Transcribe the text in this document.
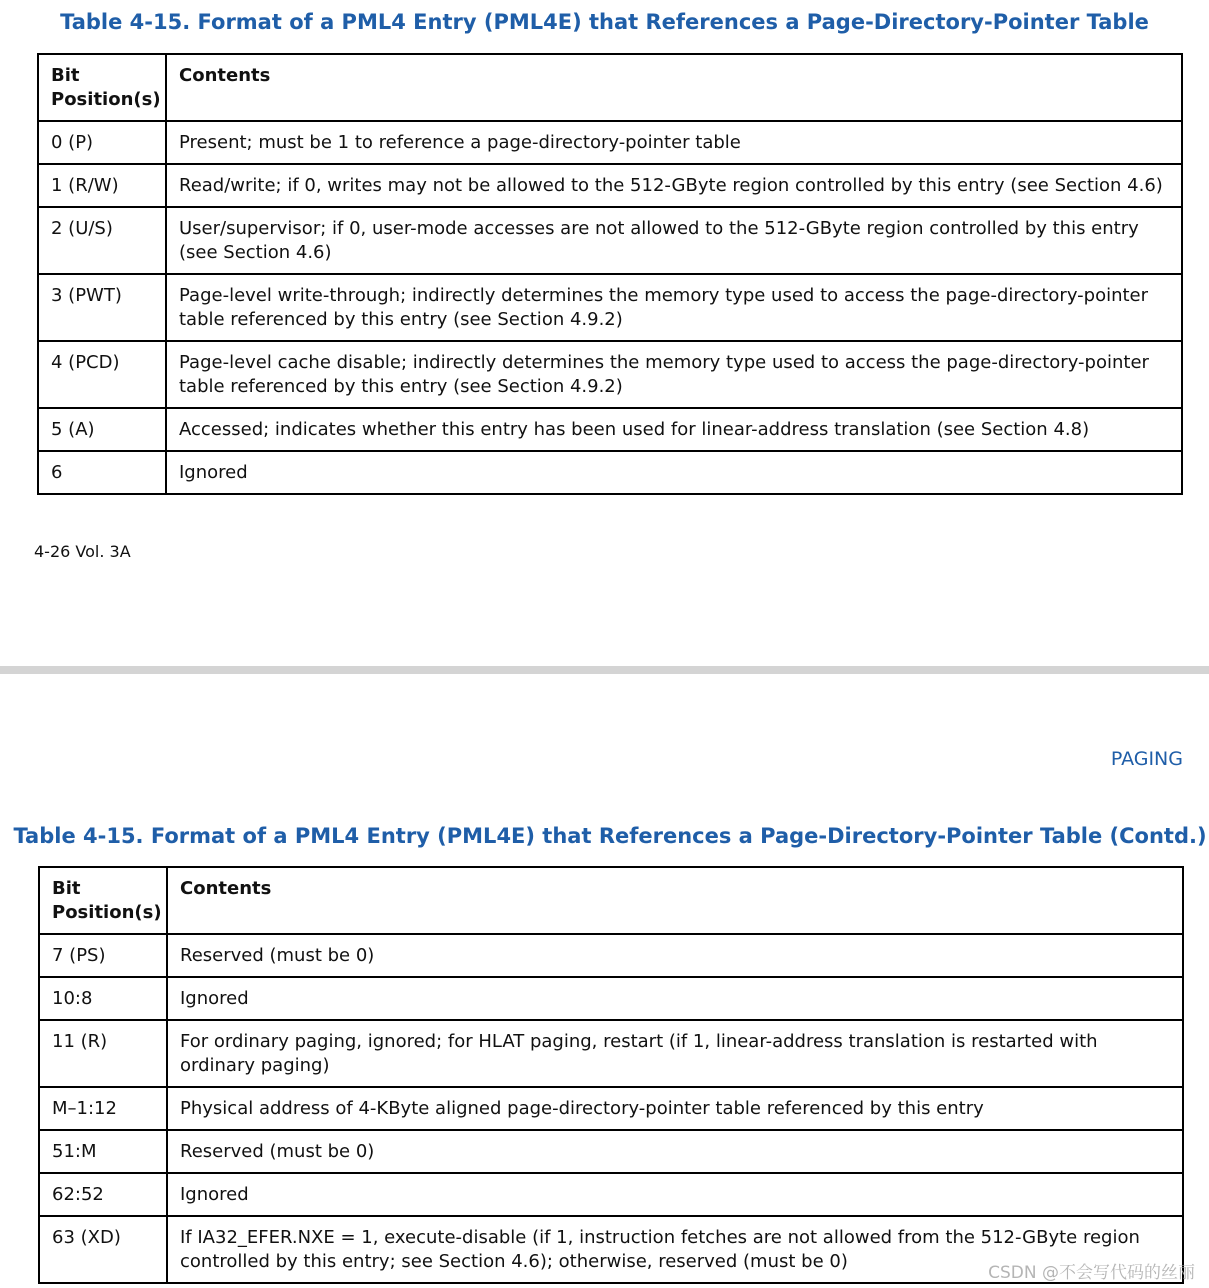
Table 4-15. Format of a PML4 Entry (PML4E) that References a Page-Directory-Pointer Table
Bit Position(s)	Contents
0 (P)	Present; must be 1 to reference a page-directory-pointer table
1 (R/W)	Read/write; if 0, writes may not be allowed to the 512-GByte region controlled by this entry (see Section 4.6)
2 (U/S)	User/supervisor; if 0, user-mode accesses are not allowed to the 512-GByte region controlled by this entry (see Section 4.6)
3 (PWT)	Page-level write-through; indirectly determines the memory type used to access the page-directory-pointer table referenced by this entry (see Section 4.9.2)
4 (PCD)	Page-level cache disable; indirectly determines the memory type used to access the page-directory-pointer table referenced by this entry (see Section 4.9.2)
5 (A)	Accessed; indicates whether this entry has been used for linear-address translation (see Section 4.8)
6	Ignored
4-26 Vol. 3A
PAGING
Table 4-15. Format of a PML4 Entry (PML4E) that References a Page-Directory-Pointer Table (Contd.)
Bit Position(s)	Contents
7 (PS)	Reserved (must be 0)
10:8	Ignored
11 (R)	For ordinary paging, ignored; for HLAT paging, restart (if 1, linear-address translation is restarted with ordinary paging)
M–1:12	Physical address of 4-KByte aligned page-directory-pointer table referenced by this entry
51:M	Reserved (must be 0)
62:52	Ignored
63 (XD)	If IA32_EFER.NXE = 1, execute-disable (if 1, instruction fetches are not allowed from the 512-GByte region controlled by this entry; see Section 4.6); otherwise, reserved (must be 0)
CSDN @不会写代码的丝丽
